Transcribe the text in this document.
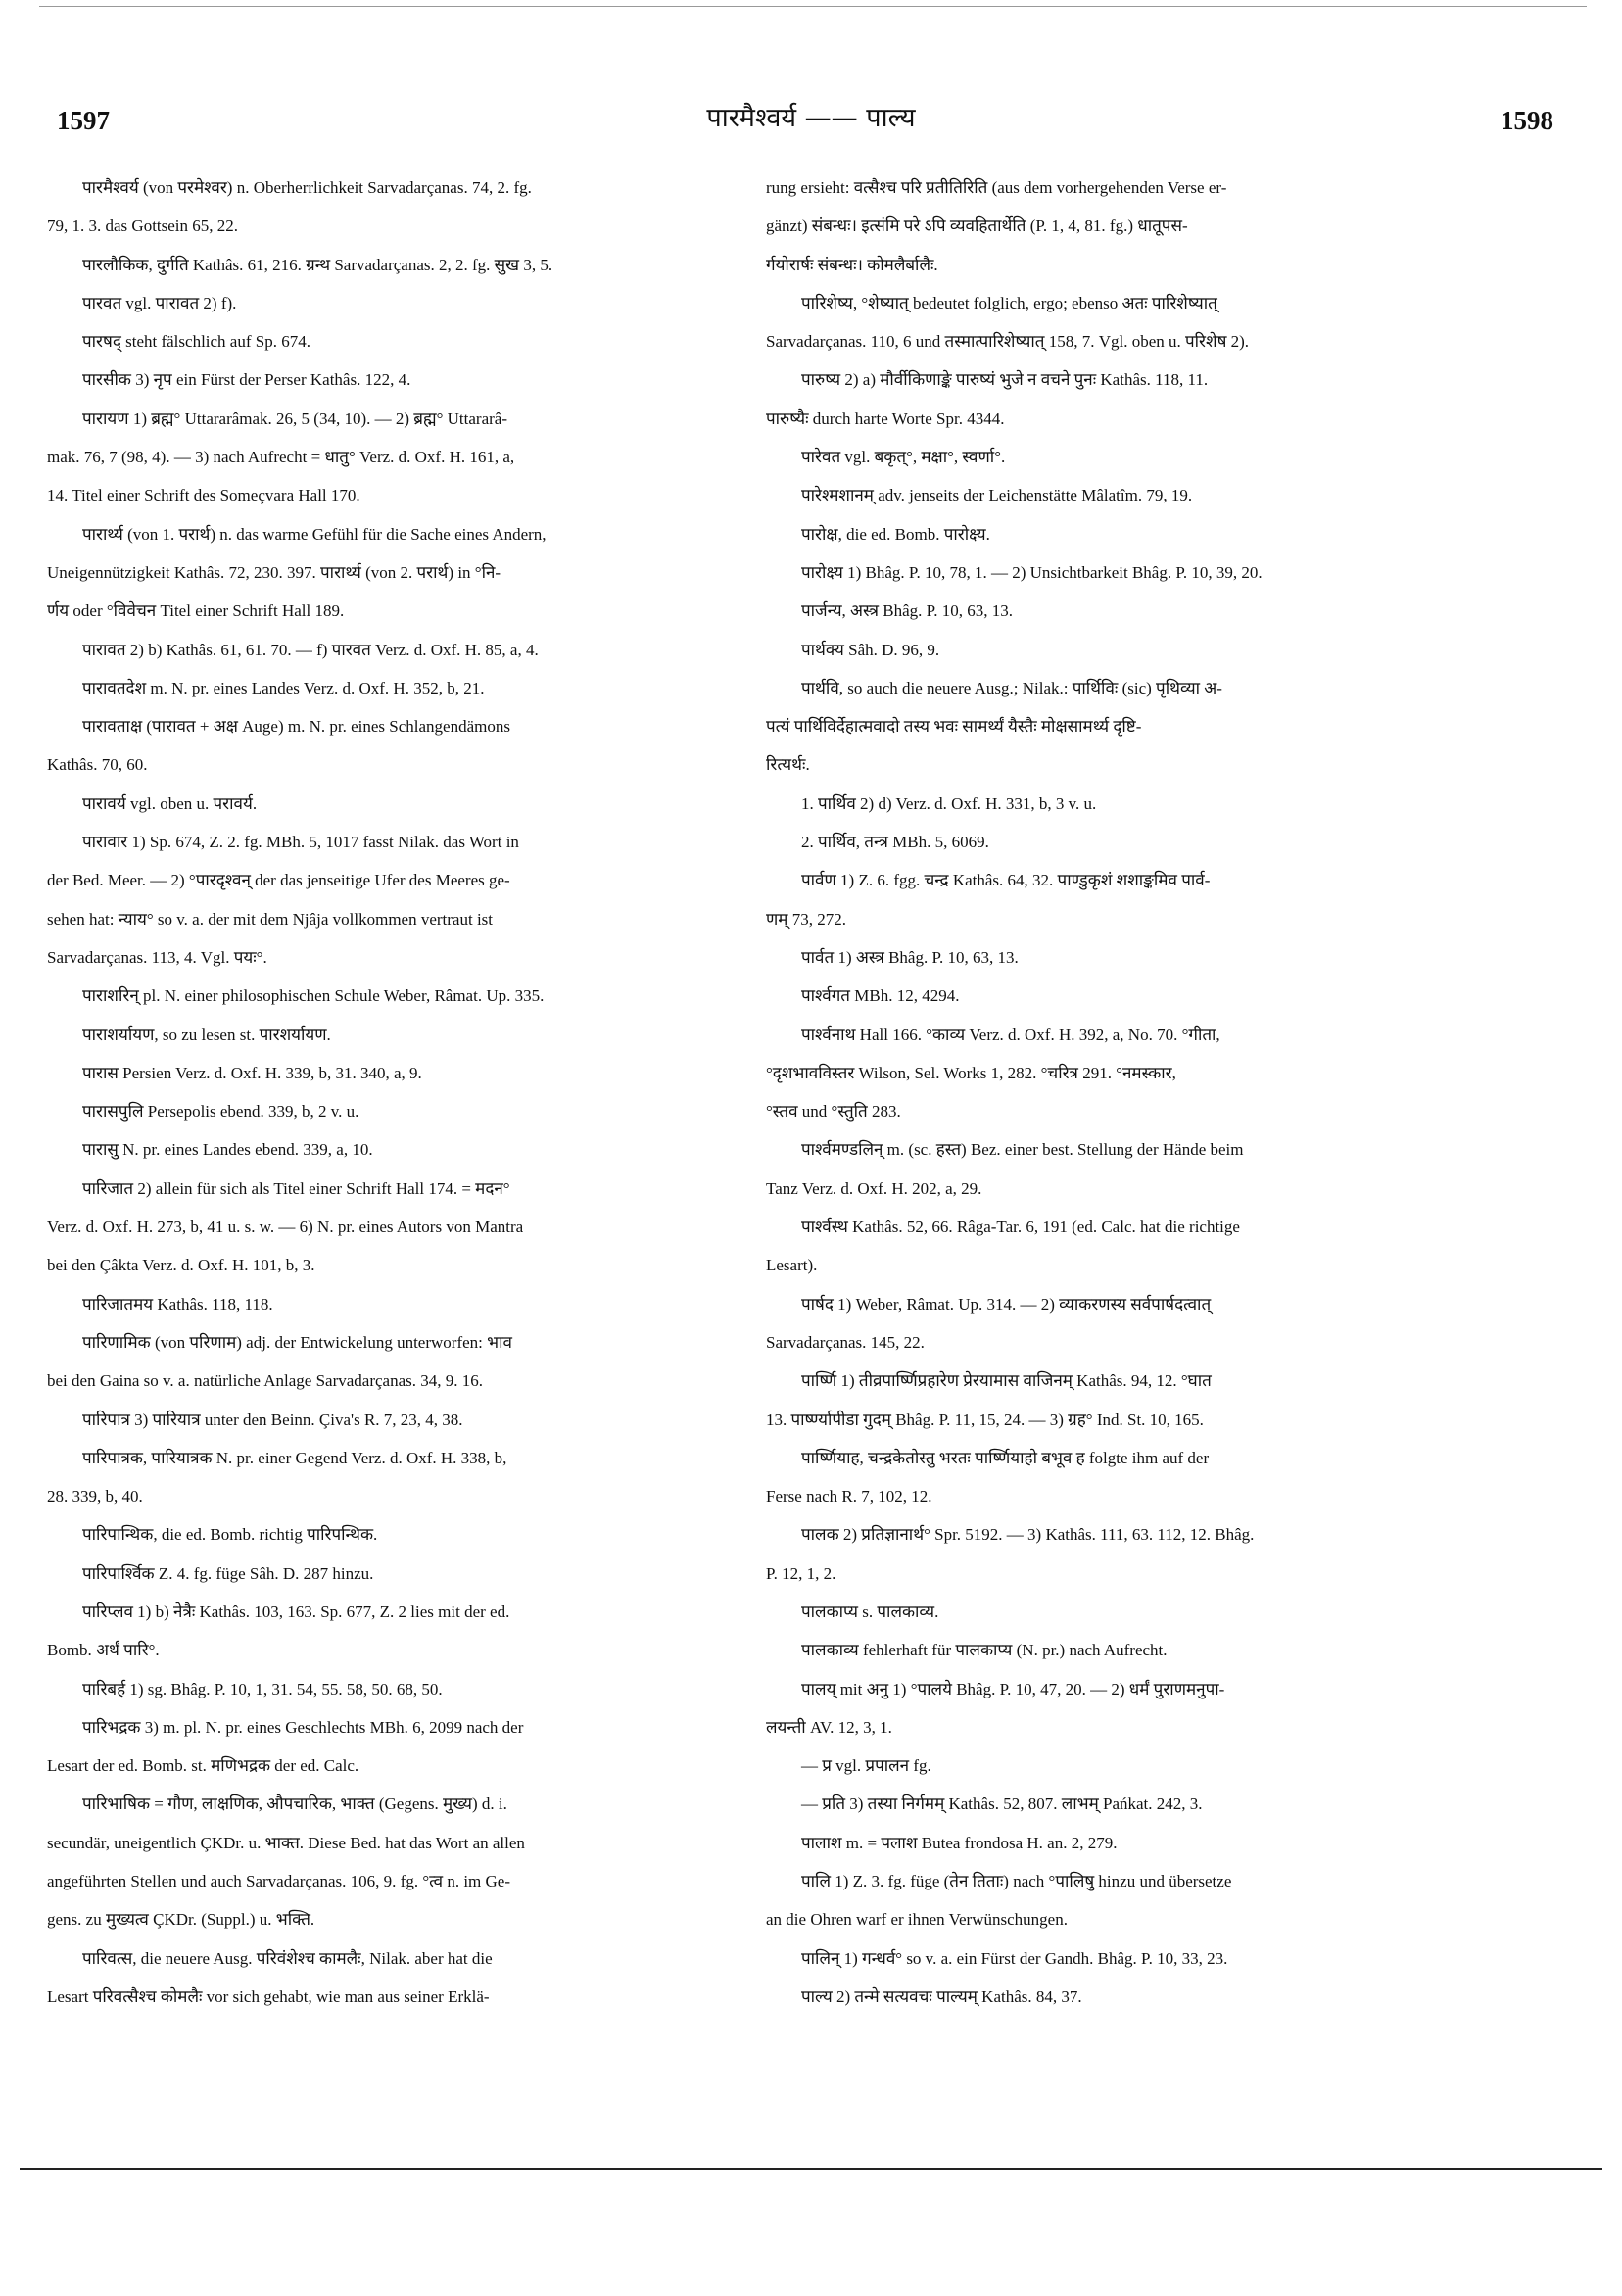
1597	पारमैश्वर्य —— पाल्य	1598
पारमैश्वर्य (von परमेश्वर) n. Oberherrlichkeit Sarvadarçanas. 74, 2. fg.
79, 1. 3. das Gottsein 65, 22.
पारलौकिक, दुर्गति Kathâs. 61, 216. ग्रन्थ Sarvadarçanas. 2, 2. fg. सुख 3, 5.
पारवत vgl. पारावत 2) f).
पारषद् steht fälschlich auf Sp. 674.
पारसीक 3) नृप ein Fürst der Perser Kathâs. 122, 4.
पारायण 1) ब्रह्म° Uttararâmak. 26, 5 (34, 10). — 2) ब्रह्म° Uttararâ-
mak. 76, 7 (98, 4). — 3) nach Aufrecht = धातु° Verz. d. Oxf. H. 161, a,
14. Titel einer Schrift des Someçvara Hall 170.
पारार्थ्य (von 1. परार्थ) n. das warme Gefühl für die Sache eines Andern,
Uneigennützigkeit Kathâs. 72, 230. 397. पारार्थ्य (von 2. परार्थ) in °नि-
र्णय oder °विवेचन Titel einer Schrift Hall 189.
पारावत 2) b) Kathâs. 61, 61. 70. — f) पारवत Verz. d. Oxf. H. 85, a, 4.
पारावतदेश m. N. pr. eines Landes Verz. d. Oxf. H. 352, b, 21.
पारावताक्ष (पारावत + अक्ष Auge) m. N. pr. eines Schlangendämons
Kathâs. 70, 60.
पारावर्य vgl. oben u. परावर्य.
पारावार 1) Sp. 674, Z. 2. fg. MBh. 5, 1017 fasst Nilak. das Wort in
der Bed. Meer. — 2) °पारदृश्वन् der das jenseitige Ufer des Meeres ge-
sehen hat: न्याय° so v. a. der mit dem Njâja vollkommen vertraut ist
Sarvadarçanas. 113, 4. Vgl. पयः°.
पाराशरिन् pl. N. einer philosophischen Schule Weber, Râmat. Up. 335.
पाराशर्यायण, so zu lesen st. पारशर्यायण.
पारास Persien Verz. d. Oxf. H. 339, b, 31. 340, a, 9.
पारासपुलि Persepolis ebend. 339, b, 2 v. u.
पारासु N. pr. eines Landes ebend. 339, a, 10.
पारिजात 2) allein für sich als Titel einer Schrift Hall 174. = मदन°
Verz. d. Oxf. H. 273, b, 41 u. s. w. — 6) N. pr. eines Autors von Mantra
bei den Çâkta Verz. d. Oxf. H. 101, b, 3.
पारिजातमय Kathâs. 118, 118.
पारिणामिक (von परिणाम) adj. der Entwickelung unterworfen: भाव
bei den Gaina so v. a. natürliche Anlage Sarvadarçanas. 34, 9. 16.
पारिपात्र 3) पारियात्र unter den Beinn. Çiva's R. 7, 23, 4, 38.
पारिपात्रक, पारियात्रक N. pr. einer Gegend Verz. d. Oxf. H. 338, b,
28. 339, b, 40.
पारिपान्थिक, die ed. Bomb. richtig पारिपन्थिक.
पारिपार्श्विक Z. 4. fg. füge Sâh. D. 287 hinzu.
पारिप्लव 1) b) नेत्रैः Kathâs. 103, 163. Sp. 677, Z. 2 lies mit der ed.
Bomb. अर्थं पारि°.
पारिबर्ह 1) sg. Bhâg. P. 10, 1, 31. 54, 55. 58, 50. 68, 50.
पारिभद्रक 3) m. pl. N. pr. eines Geschlechts MBh. 6, 2099 nach der
Lesart der ed. Bomb. st. मणिभद्रक der ed. Calc.
पारिभाषिक = गौण, लाक्षणिक, औपचारिक, भाक्त (Gegens. मुख्य) d. i.
secundär, uneigentlich ÇKDr. u. भाक्त. Diese Bed. hat das Wort an allen
angeführten Stellen und auch Sarvadarçanas. 106, 9. fg. °त्व n. im Ge-
gens. zu मुख्यत्व ÇKDr. (Suppl.) u. भक्ति.
पारिवत्स, die neuere Ausg. परिवंशेश्च कामलैः, Nilak. aber hat die
Lesart परिवत्सैश्च कोमलैः vor sich gehabt, wie man aus seiner Erklä-
rung ersieht: वत्सैश्च परि प्रतीतिरिति (aus dem vorhergehenden Verse er-
gänzt) संबन्धः। इत्संमि परे ऽपि व्यवहितार्थेति (P. 1, 4, 81. fg.) धातूपस-
र्गयोरार्षः संबन्धः। कोमलैर्बालैः.
पारिशेष्य, °शेष्यात् bedeutet folglich, ergo; ebenso अतः पारिशेष्यात्
Sarvadarçanas. 110, 6 und तस्मात्पारिशेष्यात् 158, 7. Vgl. oben u. परिशेष 2).
पारुष्य 2) a) मौर्वीकिणाङ्के पारुष्यं भुजे न वचने पुनः Kathâs. 118, 11.
पारुष्यैः durch harte Worte Spr. 4344.
पारेवत vgl. बकृत्°, मक्षा°, स्वर्णा°.
पारेश्मशानम् adv. jenseits der Leichenstätte Mâlatîm. 79, 19.
पारोक्ष, die ed. Bomb. पारोक्ष्य.
पारोक्ष्य 1) Bhâg. P. 10, 78, 1. — 2) Unsichtbarkeit Bhâg. P. 10, 39, 20.
पार्जन्य, अस्त्र Bhâg. P. 10, 63, 13.
पार्थक्य Sâh. D. 96, 9.
पार्थवि, so auch die neuere Ausg.; Nilak.: पार्थिविः (sic) पृथिव्या अ-
पत्यं पार्थिविर्देहात्मवादो तस्य भवः सामर्थ्यं यैस्तैः मोक्षसामर्थ्य दृष्टि-
रित्यर्थः.
1. पार्थिव 2) d) Verz. d. Oxf. H. 331, b, 3 v. u.
2. पार्थिव, तन्त्र MBh. 5, 6069.
पार्वण 1) Z. 6. fgg. चन्द्र Kathâs. 64, 32. पाण्डुकृशं शशाङ्कमिव पार्व-
णम् 73, 272.
पार्वत 1) अस्त्र Bhâg. P. 10, 63, 13.
पार्श्वगत MBh. 12, 4294.
पार्श्वनाथ Hall 166. °काव्य Verz. d. Oxf. H. 392, a, No. 70. °गीता,
°दृशभावविस्तर Wilson, Sel. Works 1, 282. °चरित्र 291. °नमस्कार,
°स्तव und °स्तुति 283.
पार्श्वमण्डलिन् m. (sc. हस्त) Bez. einer best. Stellung der Hände beim
Tanz Verz. d. Oxf. H. 202, a, 29.
पार्श्वस्थ Kathâs. 52, 66. Râga-Tar. 6, 191 (ed. Calc. hat die richtige
Lesart).
पार्षद 1) Weber, Râmat. Up. 314. — 2) व्याकरणस्य सर्वपार्षदत्वात्
Sarvadarçanas. 145, 22.
पार्ष्णि 1) तीव्रपार्ष्णिप्रहारेण प्रेरयामास वाजिनम् Kathâs. 94, 12. °घात
13. पार्ष्ण्यापीडा गुदम् Bhâg. P. 11, 15, 24. — 3) ग्रह° Ind. St. 10, 165.
पार्ष्णियाह, चन्द्रकेतोस्तु भरतः पार्ष्णियाहो बभूव ह folgte ihm auf der
Ferse nach R. 7, 102, 12.
पालक 2) प्रतिज्ञानार्थ° Spr. 5192. — 3) Kathâs. 111, 63. 112, 12. Bhâg.
P. 12, 1, 2.
पालकाप्य s. पालकाव्य.
पालकाव्य fehlerhaft für पालकाप्य (N. pr.) nach Aufrecht.
पालय् mit अनु 1) °पालये Bhâg. P. 10, 47, 20. — 2) धर्मं पुराणमनुपा-
लयन्ती AV. 12, 3, 1.
— प्र vgl. प्रपालन fg.
— प्रति 3) तस्या निर्गमम् Kathâs. 52, 807. लाभम् Pańkat. 242, 3.
पालाश m. = पलाश Butea frondosa H. an. 2, 279.
पालि 1) Z. 3. fg. füge (तेन तिताः) nach °पालिषु hinzu und übersetze
an die Ohren warf er ihnen Verwünschungen.
पालिन् 1) गन्धर्व° so v. a. ein Fürst der Gandh. Bhâg. P. 10, 33, 23.
पाल्य 2) तन्मे सत्यवचः पाल्यम् Kathâs. 84, 37.
